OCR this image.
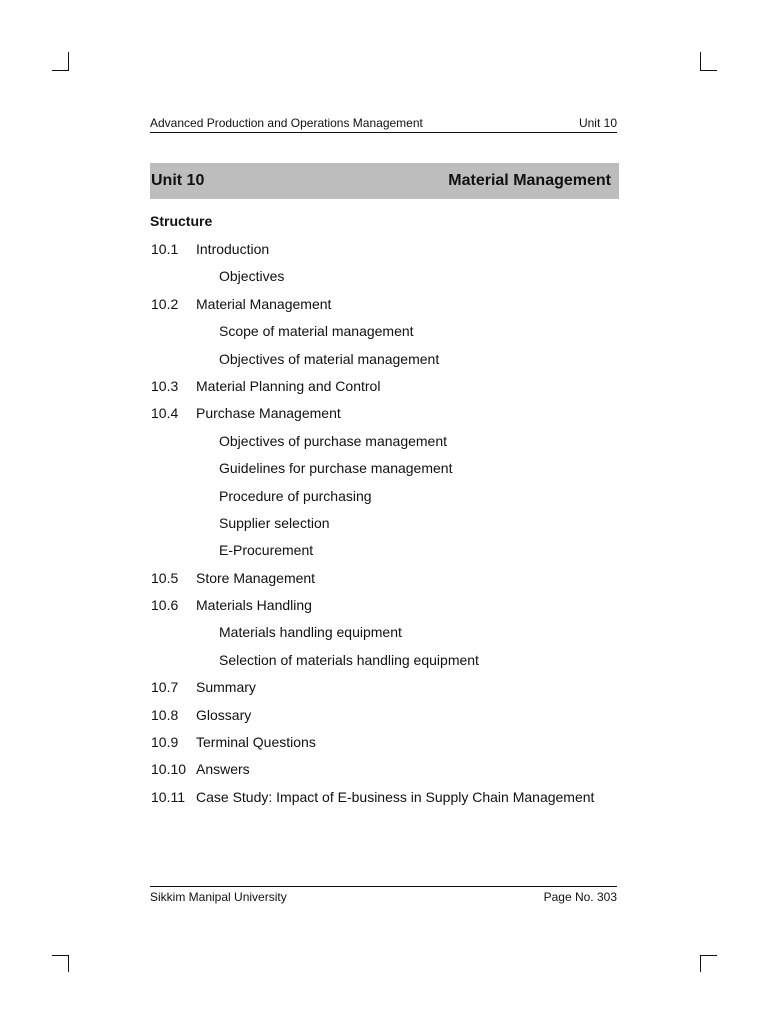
Advanced Production and Operations Management	Unit 10
Unit 10	Material Management
Structure
10.1 Introduction
Objectives
10.2 Material Management
Scope of material management
Objectives of material management
10.3 Material Planning and Control
10.4 Purchase Management
Objectives of purchase management
Guidelines for purchase management
Procedure of purchasing
Supplier selection
E-Procurement
10.5 Store Management
10.6 Materials Handling
Materials handling equipment
Selection of materials handling equipment
10.7 Summary
10.8 Glossary
10.9 Terminal Questions
10.10 Answers
10.11 Case Study: Impact of E-business in Supply Chain Management
Sikkim Manipal University	Page No. 303
